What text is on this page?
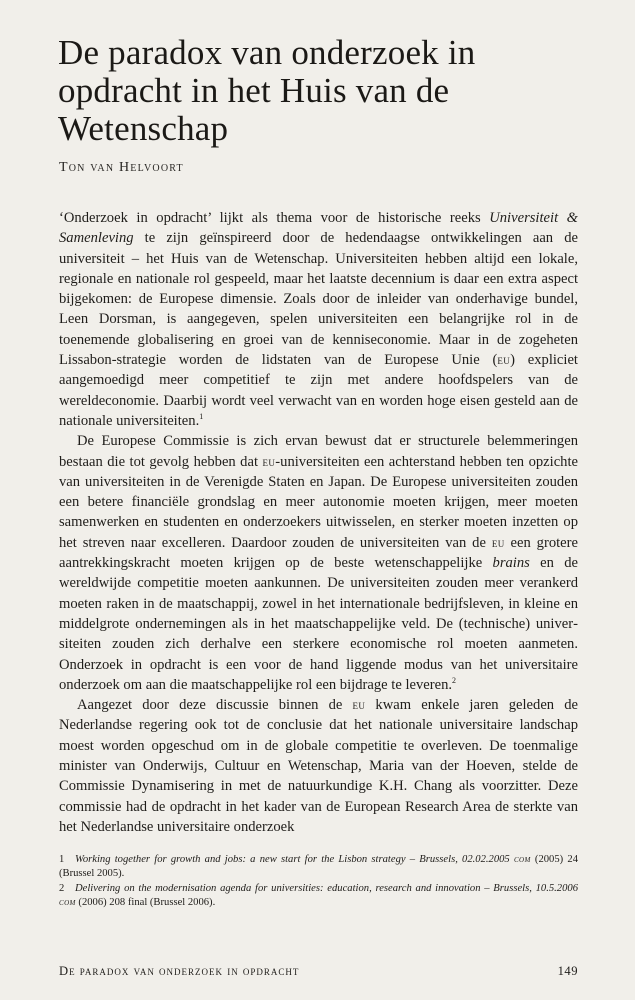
De paradox van onderzoek in opdracht in het Huis van de Wetenschap
Ton van Helvoort

‘Onderzoek in opdracht’ lijkt als thema voor de historische reeks Universiteit & Samenleving te zijn geïnspireerd door de hedendaagse ontwikkelingen aan de universiteit – het Huis van de Wetenschap. Universiteiten hebben altijd een lokale, regionale en nationale rol gespeeld, maar het laatste decennium is daar een extra aspect bijgekomen: de Europese dimensie. Zoals door de inleider van onderhavige bundel, Leen Dorsman, is aangegeven, spelen universiteiten een belangrijke rol in de toenemende globalisering en groei van de kenniseconomie. Maar in de zogeheten Lissabon-strategie worden de lidstaten van de Europese Unie (eu) expliciet aangemoedigd meer competitief te zijn met andere hoofdspelers van de wereldeconomie. Daarbij wordt veel verwacht van en worden hoge eisen gesteld aan de nationale universiteiten.$^1$

De Europese Commissie is zich ervan bewust dat er structurele belemmeringen bestaan die tot gevolg hebben dat eu-universiteiten een achterstand hebben ten opzichte van universiteiten in de Verenigde Staten en Japan. De Europese universiteiten zouden een betere financiële grondslag en meer autonomie moeten krijgen, meer moeten samenwerken en studenten en onderzoekers uitwisselen, en sterker moeten inzetten op het streven naar excelleren. Daardoor zouden de universiteiten van de eu een grotere aantrekkingskracht moeten krijgen op de beste wetenschappelijke brains en de wereldwijde competitie moeten aankunnen. De universiteiten zouden meer verankerd moeten raken in de maatschappij, zowel in het internationale bedrijfsleven, in kleine en middelgrote ondernemingen als in het maatschappelijke veld. De (technische) universiteiten zouden zich derhalve een sterkere economische rol moeten aanmeten. Onderzoek in opdracht is een voor de hand liggende modus van het universitaire onderzoek om aan die maatschappelijke rol een bijdrage te leveren.$^2$

Aangezet door deze discussie binnen de eu kwam enkele jaren geleden de Nederlandse regering ook tot de conclusie dat het nationale universitaire landschap moest worden opgeschud om in de globale competitie te overleven. De toenmalige minister van Onderwijs, Cultuur en Wetenschap, Maria van der Hoeven, stelde de Commissie Dynamisering in met de natuurkundige K.H. Chang als voorzitter. Deze commissie had de opdracht in het kader van de European Research Area de sterkte van het Nederlandse universitaire onderzoek

1 Working together for growth and jobs: a new start for the Lisbon strategy – Brussels, 02.02.2005 com (2005) 24 (Brussel 2005).

2 Delivering on the modernisation agenda for universities: education, research and innovation – Brussels, 10.5.2006 com (2006) 208 final (Brussel 2006).

De paradox van onderzoek in opdracht	149
